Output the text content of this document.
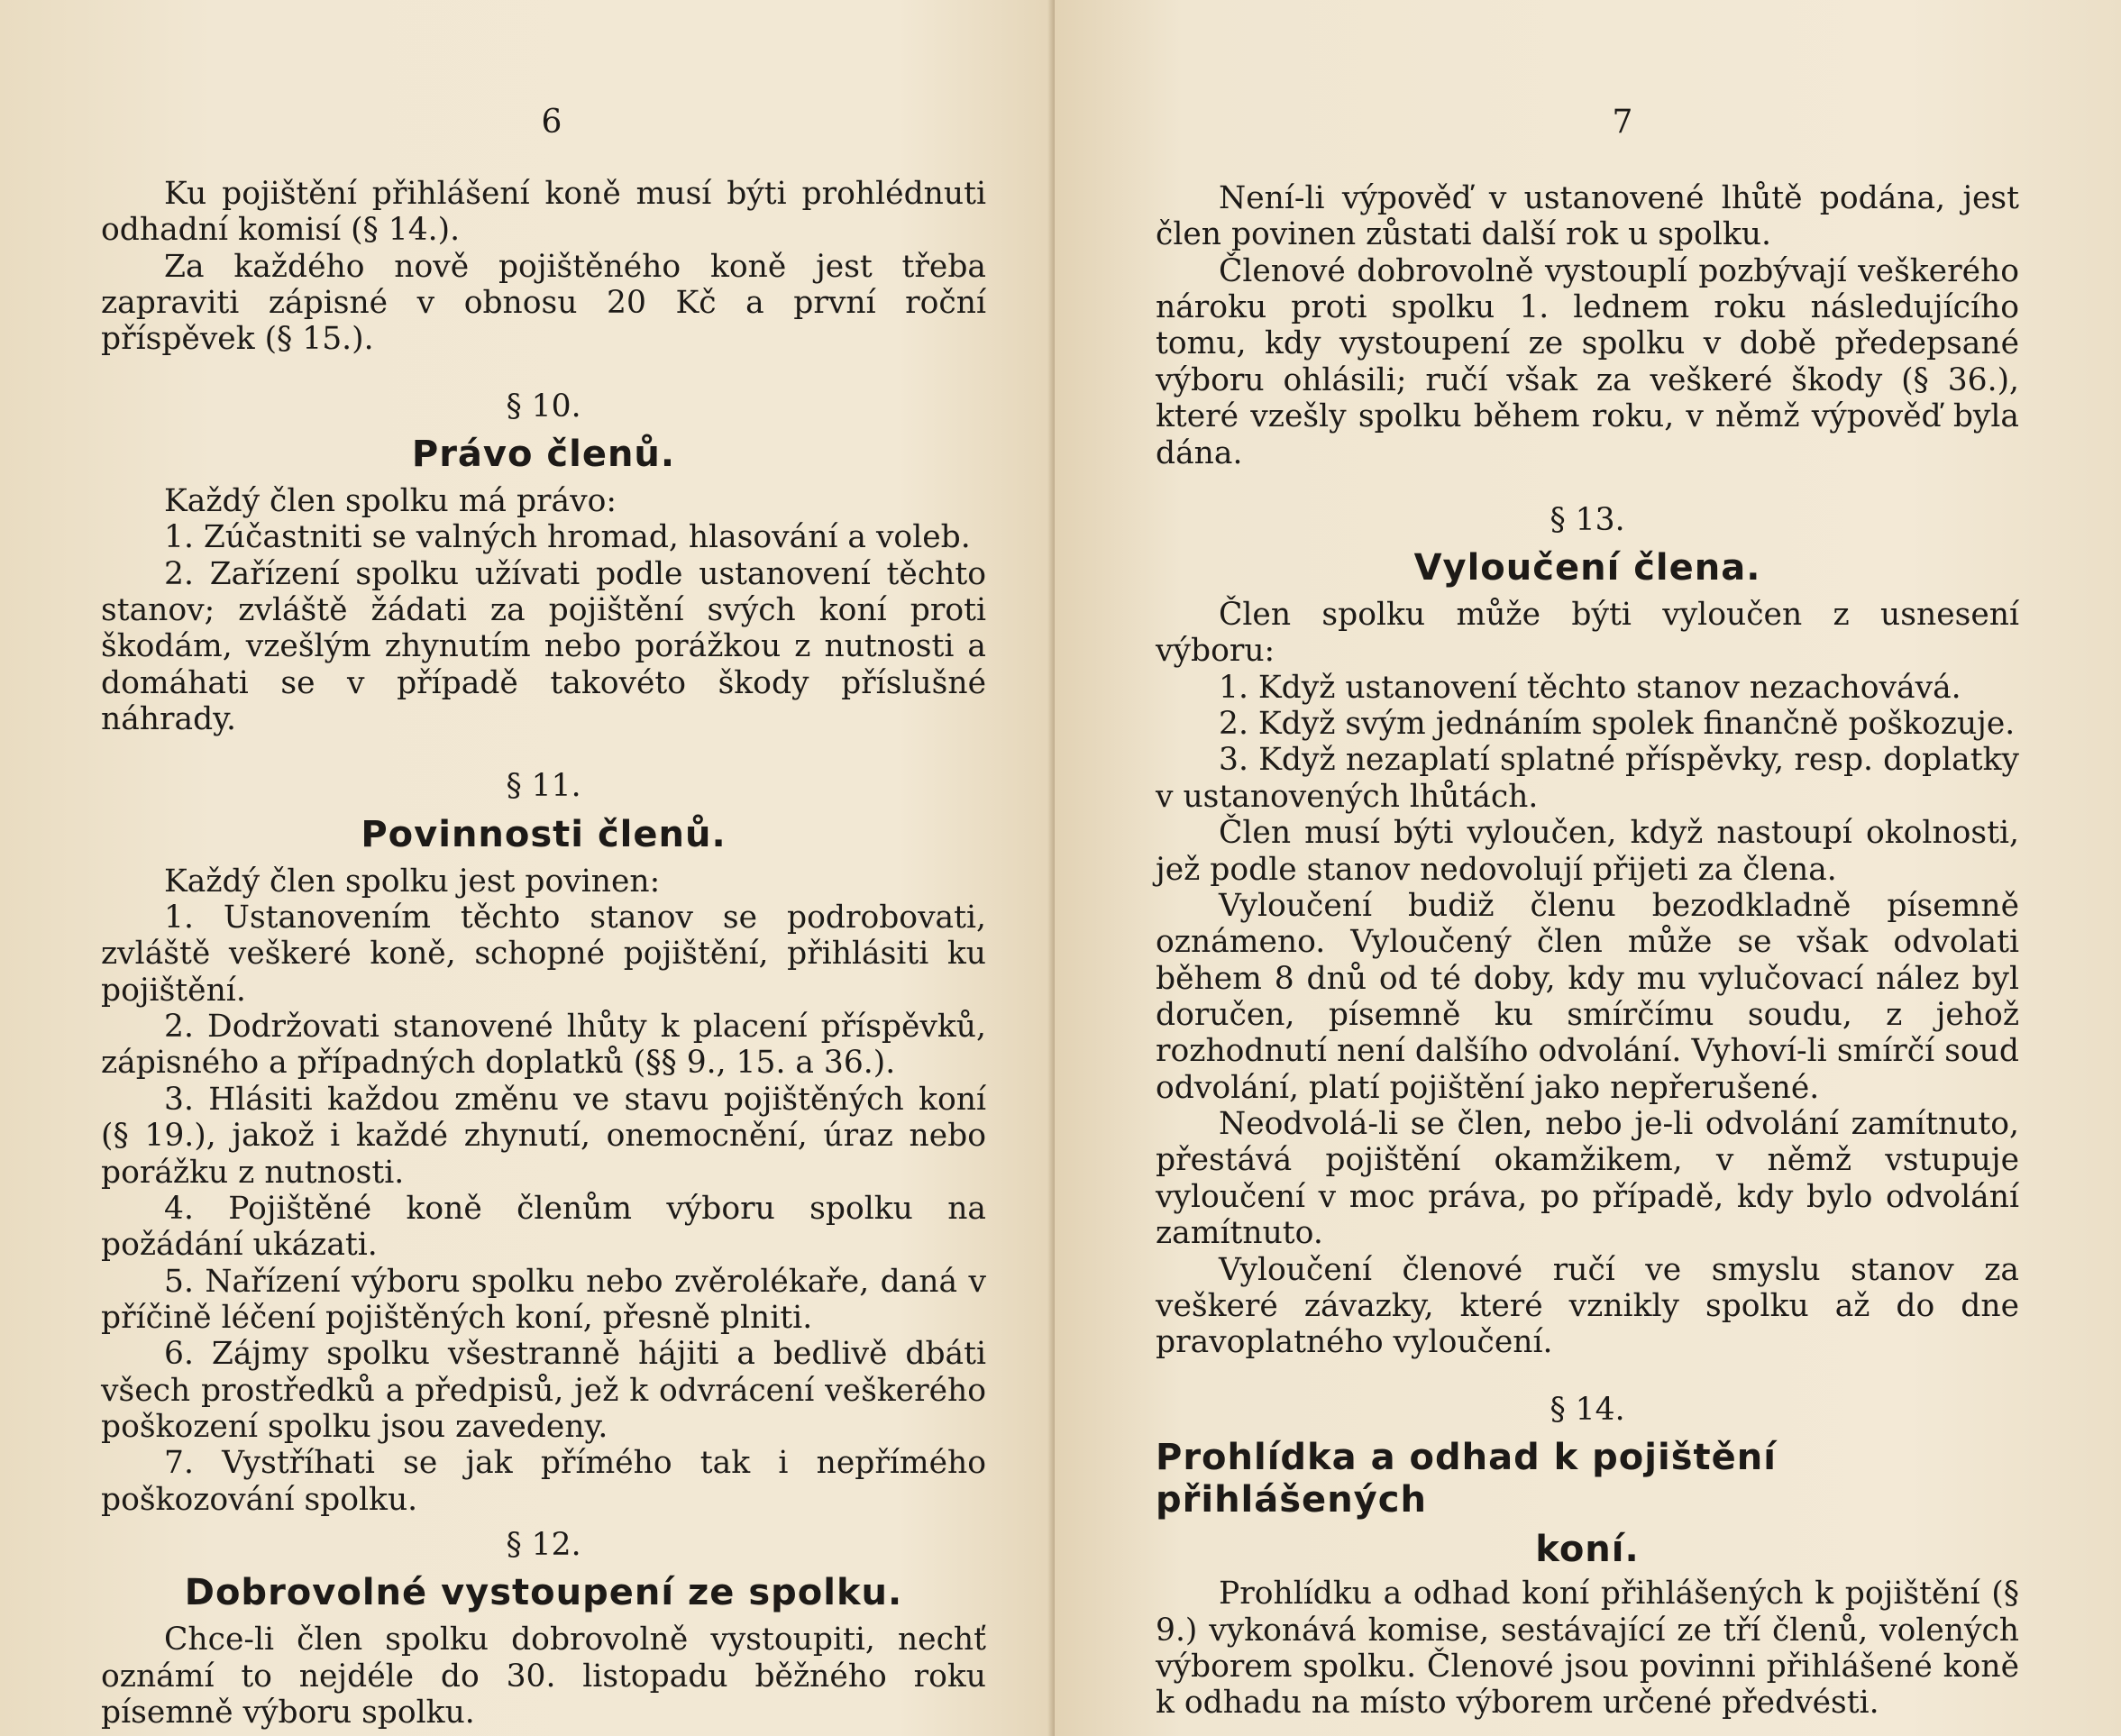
6

Ku pojištění přihlášení koně musí býti prohlédnuti odhadní komisí (§ 14.).

Za každého nově pojištěného koně jest třeba zapraviti zápisné v obnosu 20 Kč a první roční příspěvek (§ 15.).

§ 10.
Právo členů.

Každý člen spolku má právo:

1. Zúčastniti se valných hromad, hlasování a voleb.

2. Zařízení spolku užívati podle ustanovení těchto stanov; zvláště žádati za pojištění svých koní proti škodám, vzešlým zhynutím nebo porážkou z nutnosti a domáhati se v případě takovéto škody příslušné náhrady.

§ 11.
Povinnosti členů.

Každý člen spolku jest povinen:

1. Ustanovením těchto stanov se podrobovati, zvláště veškeré koně, schopné pojištění, přihlásiti ku pojištění.

2. Dodržovati stanovené lhůty k placení příspěvků, zápisného a případných doplatků (§§ 9., 15. a 36.).

3. Hlásiti každou změnu ve stavu pojištěných koní (§ 19.), jakož i každé zhynutí, onemocnění, úraz nebo porážku z nutnosti.

4. Pojištěné koně členům výboru spolku na požádání ukázati.

5. Nařízení výboru spolku nebo zvěrolékaře, daná v příčině léčení pojištěných koní, přesně plniti.

6. Zájmy spolku všestranně hájiti a bedlivě dbáti všech prostředků a předpisů, jež k odvrácení veškerého poškození spolku jsou zavedeny.

7. Vystříhati se jak přímého tak i nepřímého poškozování spolku.

§ 12.
Dobrovolné vystoupení ze spolku.

Chce-li člen spolku dobrovolně vystoupiti, nechť oznámí to nejdéle do 30. listopadu běžného roku písemně výboru spolku.

7

Není-li výpověď v ustanovené lhůtě podána, jest člen povinen zůstati další rok u spolku.

Členové dobrovolně vystouplí pozbývají veškerého nároku proti spolku 1. lednem roku následujícího tomu, kdy vystoupení ze spolku v době předepsané výboru ohlásili; ručí však za veškeré škody (§ 36.), které vzešly spolku během roku, v němž výpověď byla dána.

§ 13.
Vyloučení člena.

Člen spolku může býti vyloučen z usnesení výboru:

1. Když ustanovení těchto stanov nezachovává.

2. Když svým jednáním spolek finančně poškozuje.

3. Když nezaplatí splatné příspěvky, resp. doplatky v ustanovených lhůtách.

Člen musí býti vyloučen, když nastoupí okolnosti, jež podle stanov nedovolují přijeti za člena.

Vyloučení budiž členu bezodkladně písemně oznámeno. Vyloučený člen může se však odvolati během 8 dnů od té doby, kdy mu vylučovací nález byl doručen, písemně ku smírčímu soudu, z jehož rozhodnutí není dalšího odvolání. Vyhoví-li smírčí soud odvolání, platí pojištění jako nepřerušené.

Neodvolá-li se člen, nebo je-li odvolání zamítnuto, přestává pojištění okamžikem, v němž vstupuje vyloučení v moc práva, po případě, kdy bylo odvolání zamítnuto.

Vyloučení členové ručí ve smyslu stanov za veškeré závazky, které vznikly spolku až do dne pravoplatného vyloučení.

§ 14.
Prohlídka a odhad k pojištění přihlášených
koní.

Prohlídku a odhad koní přihlášených k pojištění (§ 9.) vykonává komise, sestávající ze tří členů, volených výborem spolku. Členové jsou povinni přihlášené koně k odhadu na místo výborem určené předvésti.
